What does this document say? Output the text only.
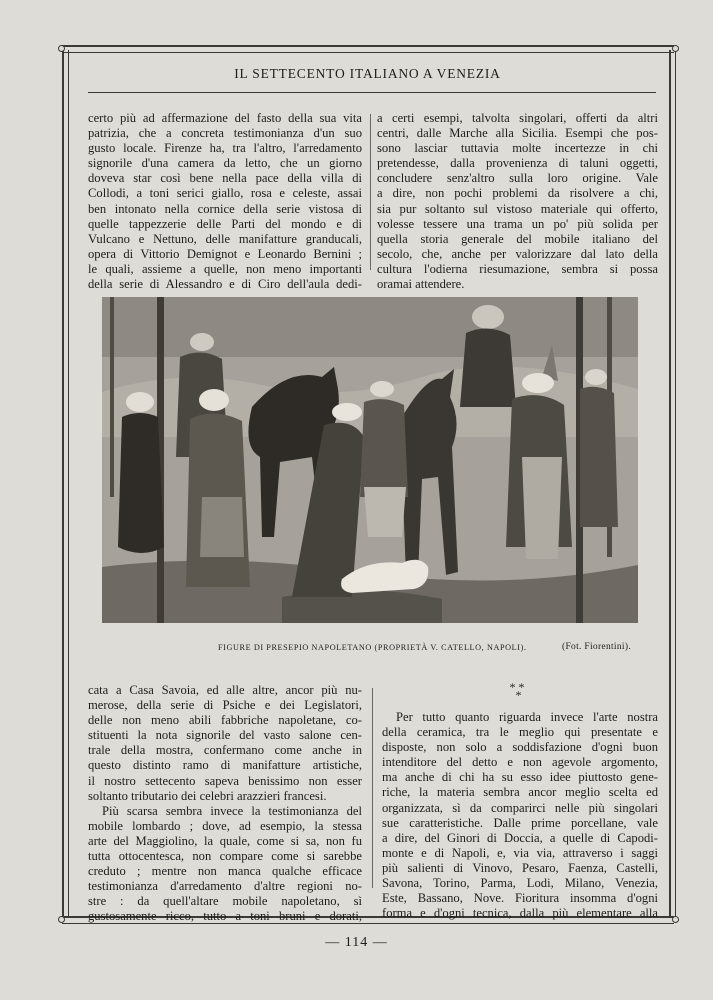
IL SETTECENTO ITALIANO A VENEZIA
certo più ad affermazione del fasto della sua vita
patrizia, che a concreta testimonianza d'un suo
gusto locale. Firenze ha, tra l'altro, l'arredamento
signorile d'una camera da letto, che un giorno
doveva star così bene nella pace della villa di
Collodi, a toni serici giallo, rosa e celeste, assai
ben intonato nella cornice della serie vistosa di
quelle tappezzerie delle Parti del mondo e di
Vulcano e Nettuno, delle manifatture granducali,
opera di Vittorio Demignot e Leonardo Bernini ;
le quali, assieme a quelle, non meno importanti
della serie di Alessandro e di Ciro dell'aula dedi-
a certi esempi, talvolta singolari, offerti da altri
centri, dalle Marche alla Sicilia. Esempi che pos-
sono lasciar tuttavia molte incertezze in chi
pretendesse, dalla provenienza di taluni oggetti,
concludere senz'altro sulla loro origine. Vale
a dire, non pochi problemi da risolvere a chi,
sia pur soltanto sul vistoso materiale qui offerto,
volesse tessere una trama un po' più solida per
quella storia generale del mobile italiano del
secolo, che, anche per valorizzare dal lato della
cultura l'odierna riesumazione, sembra si possa
oramai attendere.
FIGURE DI PRESEPIO NAPOLETANO (PROPRIETÀ V. CATELLO, NAPOLI).	(Fot. Fiorentini).
cata a Casa Savoia, ed alle altre, ancor più nu-
merose, della serie di Psiche e dei Legislatori,
delle non meno abili fabbriche napoletane, co-
stituenti la nota signorile del vasto salone cen-
trale della mostra, confermano come anche in
questo distinto ramo di manifatture artistiche,
il nostro settecento sapeva benissimo non esser
soltanto tributario dei celebri arazzieri francesi.
Più scarsa sembra invece la testimonianza del
mobile lombardo ; dove, ad esempio, la stessa
arte del Maggiolino, la quale, come si sa, non fu
tutta ottocentesca, non compare come si sarebbe
creduto ; mentre non manca qualche efficace
testimonianza d'arredamento d'altre regioni no-
stre : da quell'altare mobile napoletano, sì
gustosamente ricco, tutto a toni bruni e dorati,
* *
*
Per tutto quanto riguarda invece l'arte nostra
della ceramica, tra le meglio qui presentate e
disposte, non solo a soddisfazione d'ogni buon
intenditore del detto e non agevole argomento,
ma anche di chi ha su esso idee piuttosto gene-
riche, la materia sembra ancor meglio scelta ed
organizzata, sì da comparirci nelle più singolari
sue caratteristiche. Dalle prime porcellane, vale
a dire, del Ginori di Doccia, a quelle di Capodi-
monte e di Napoli, e, via via, attraverso i saggi
più salienti di Vinovo, Pesaro, Faenza, Castelli,
Savona, Torino, Parma, Lodi, Milano, Venezia,
Este, Bassano, Nove. Fioritura insomma d'ogni
forma e d'ogni tecnica, dalla più elementare alla
— 114 —
